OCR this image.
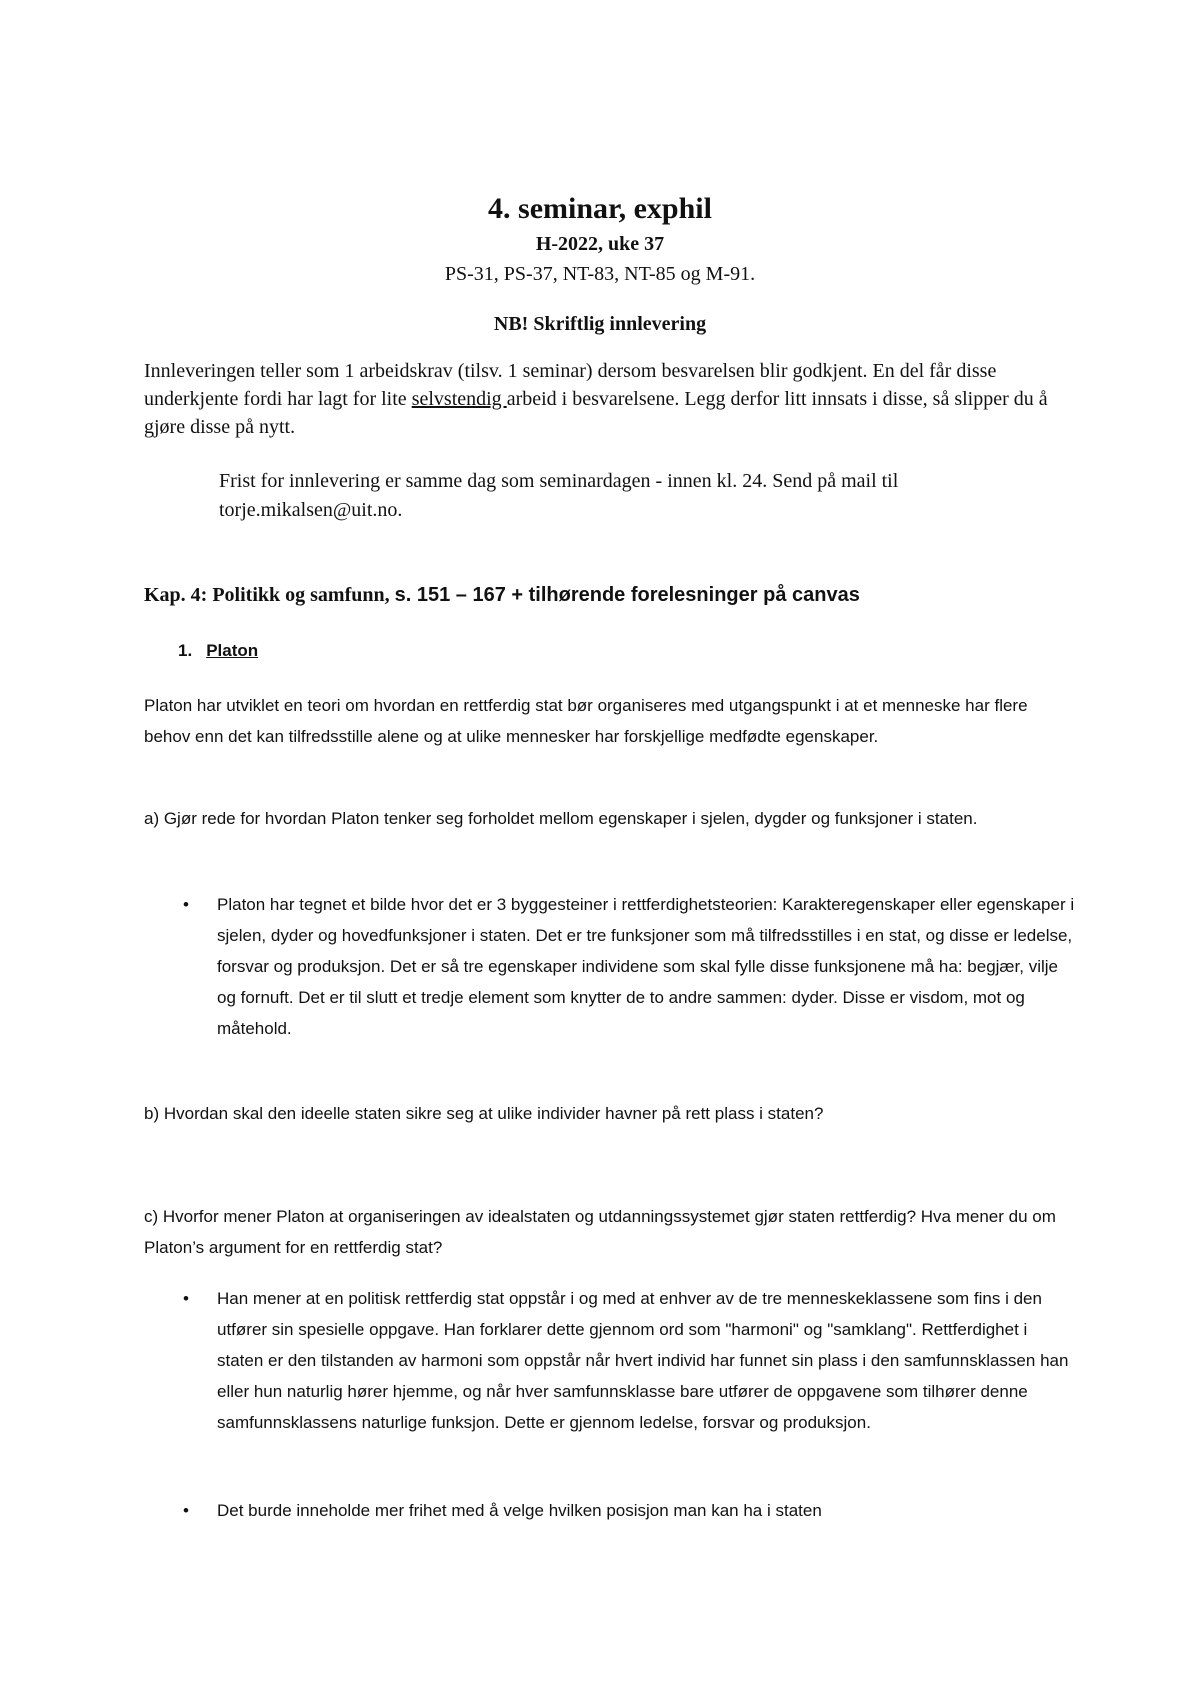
4. seminar, exphil
H-2022, uke 37
PS-31, PS-37, NT-83, NT-85 og M-91.
NB! Skriftlig innlevering
Innleveringen teller som 1 arbeidskrav (tilsv. 1 seminar) dersom besvarelsen blir godkjent. En del får disse underkjente fordi har lagt for lite selvstendig arbeid i besvarelsene. Legg derfor litt innsats i disse, så slipper du å gjøre disse på nytt.
Frist for innlevering er samme dag som seminardagen - innen kl. 24. Send på mail til torje.mikalsen@uit.no.
Kap. 4: Politikk og samfunn, s. 151 – 167 + tilhørende forelesninger på canvas
1. Platon
Platon har utviklet en teori om hvordan en rettferdig stat bør organiseres med utgangspunkt i at et menneske har flere behov enn det kan tilfredsstille alene og at ulike mennesker har forskjellige medfødte egenskaper.
a) Gjør rede for hvordan Platon tenker seg forholdet mellom egenskaper i sjelen, dygder og funksjoner i staten.
• Platon har tegnet et bilde hvor det er 3 byggesteiner i rettferdighetsteorien: Karakteregenskaper eller egenskaper i sjelen, dyder og hovedfunksjoner i staten. Det er tre funksjoner som må tilfredsstilles i en stat, og disse er ledelse, forsvar og produksjon. Det er så tre egenskaper individene som skal fylle disse funksjonene må ha: begjær, vilje og fornuft. Det er til slutt et tredje element som knytter de to andre sammen: dyder. Disse er visdom, mot og måtehold.
b) Hvordan skal den ideelle staten sikre seg at ulike individer havner på rett plass i staten?
c) Hvorfor mener Platon at organiseringen av idealstaten og utdanningssystemet gjør staten rettferdig? Hva mener du om Platon’s argument for en rettferdig stat?
• Han mener at en politisk rettferdig stat oppstår i og med at enhver av de tre menneskeklassene som fins i den utfører sin spesielle oppgave. Han forklarer dette gjennom ord som "harmoni" og "samklang". Rettferdighet i staten er den tilstanden av harmoni som oppstår når hvert individ har funnet sin plass i den samfunnsklassen han eller hun naturlig hører hjemme, og når hver samfunnsklasse bare utfører de oppgavene som tilhører denne samfunnsklassens naturlige funksjon. Dette er gjennom ledelse, forsvar og produksjon.
• Det burde inneholde mer frihet med å velge hvilken posisjon man kan ha i staten
